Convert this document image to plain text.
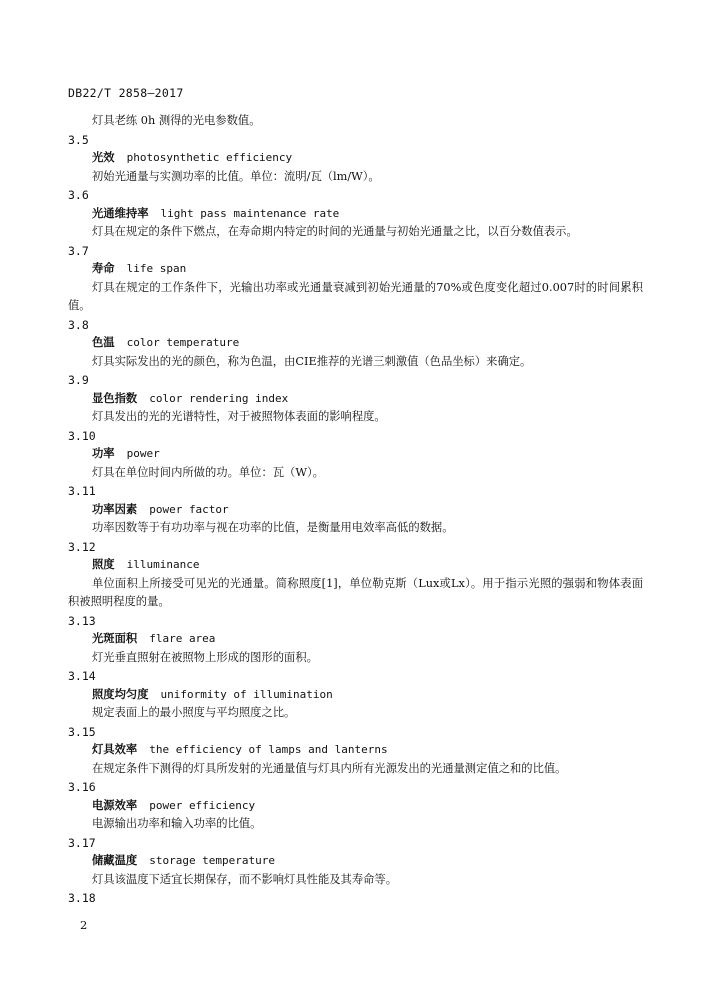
DB22/T 2858—2017
灯具老练 0h 测得的光电参数值。
3.5
光效 photosynthetic efficiency
初始光通量与实测功率的比值。单位：流明/瓦（lm/W）。
3.6
光通维持率 light pass maintenance rate
灯具在规定的条件下燃点，在寿命期内特定的时间的光通量与初始光通量之比，以百分数值表示。
3.7
寿命 life span
灯具在规定的工作条件下，光输出功率或光通量衰减到初始光通量的70%或色度变化超过0.007时的时间累积值。
3.8
色温 color temperature
灯具实际发出的光的颜色，称为色温，由CIE推荐的光谱三刺激值（色品坐标）来确定。
3.9
显色指数 color rendering index
灯具发出的光的光谱特性，对于被照物体表面的影响程度。
3.10
功率 power
灯具在单位时间内所做的功。单位：瓦（W）。
3.11
功率因素 power factor
功率因数等于有功功率与视在功率的比值，是衡量用电效率高低的数据。
3.12
照度 illuminance
单位面积上所接受可见光的光通量。简称照度[1]，单位勒克斯（Lux或Lx）。用于指示光照的强弱和物体表面积被照明程度的量。
3.13
光斑面积 flare area
灯光垂直照射在被照物上形成的图形的面积。
3.14
照度均匀度 uniformity of illumination
规定表面上的最小照度与平均照度之比。
3.15
灯具效率 the efficiency of lamps and lanterns
在规定条件下测得的灯具所发射的光通量值与灯具内所有光源发出的光通量测定值之和的比值。
3.16
电源效率 power efficiency
电源输出功率和输入功率的比值。
3.17
储藏温度 storage temperature
灯具该温度下适宜长期保存，而不影响灯具性能及其寿命等。
3.18
2
